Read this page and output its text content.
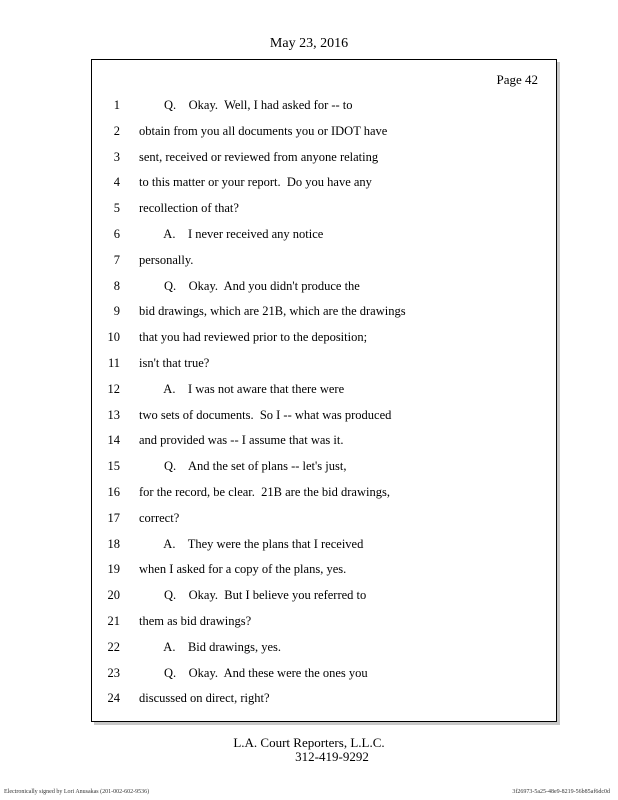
May 23, 2016
Page 42
1 Q.    Okay.  Well, I had asked for -- to
2 obtain from you all documents you or IDOT have
3 sent, received or reviewed from anyone relating
4 to this matter or your report.  Do you have any
5 recollection of that?
6 A.    I never received any notice
7 personally.
8 Q.    Okay.  And you didn't produce the
9 bid drawings, which are 21B, which are the drawings
10 that you had reviewed prior to the deposition;
11 isn't that true?
12 A.    I was not aware that there were
13 two sets of documents.  So I -- what was produced
14 and provided was -- I assume that was it.
15 Q.    And the set of plans -- let's just,
16 for the record, be clear.  21B are the bid drawings,
17 correct?
18 A.    They were the plans that I received
19 when I asked for a copy of the plans, yes.
20 Q.    Okay.  But I believe you referred to
21 them as bid drawings?
22 A.    Bid drawings, yes.
23 Q.    Okay.  And these were the ones you
24 discussed on direct, right?
L.A. Court Reporters, L.L.C.
312-419-9292
Electronically signed by Lori Anusakas (201-002-602-9536)	3f26973-5a25-48e9-8219-56b85af6dc0d
